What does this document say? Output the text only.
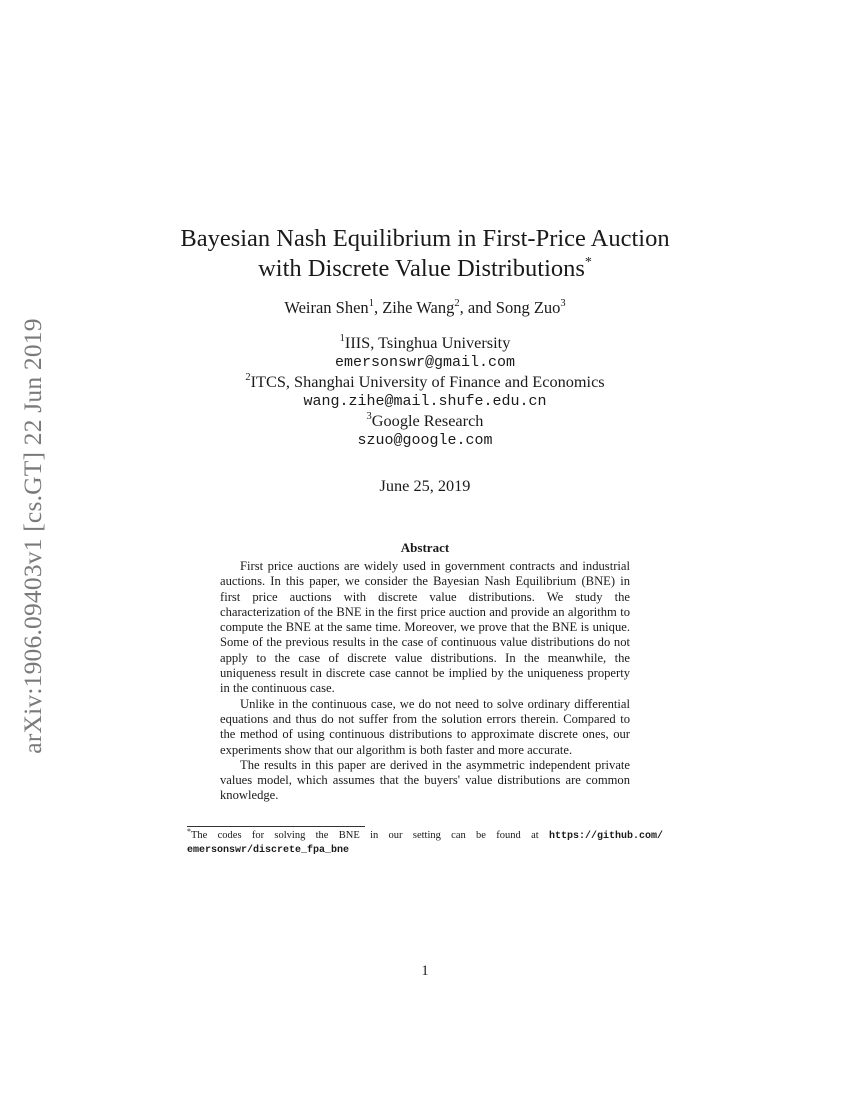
arXiv:1906.09403v1 [cs.GT] 22 Jun 2019
Bayesian Nash Equilibrium in First-Price Auction
with Discrete Value Distributions*
Weiran Shen$^1$, Zihe Wang$^2$, and Song Zuo$^3$
$^1$IIIS, Tsinghua University
emersonswr@gmail.com
$^2$ITCS, Shanghai University of Finance and Economics
wang.zihe@mail.shufe.edu.cn
$^3$Google Research
szuo@google.com
June 25, 2019
Abstract

First price auctions are widely used in government contracts and industrial auctions. In this paper, we consider the Bayesian Nash Equilibrium (BNE) in first price auctions with discrete value distributions. We study the characterization of the BNE in the first price auction and provide an algorithm to compute the BNE at the same time. Moreover, we prove that the BNE is unique. Some of the previous results in the case of continuous value distributions do not apply to the case of discrete value distributions. In the meanwhile, the uniqueness result in discrete case cannot be implied by the uniqueness property in the continuous case.

Unlike in the continuous case, we do not need to solve ordinary differential equations and thus do not suffer from the solution errors therein. Compared to the method of using continuous distributions to approximate discrete ones, our experiments show that our algorithm is both faster and more accurate.

The results in this paper are derived in the asymmetric independent private values model, which assumes that the buyers' value distributions are common knowledge.

*The codes for solving the BNE in our setting can be found at https://github.com/
emersonswr/discrete_fpa_bne
1
